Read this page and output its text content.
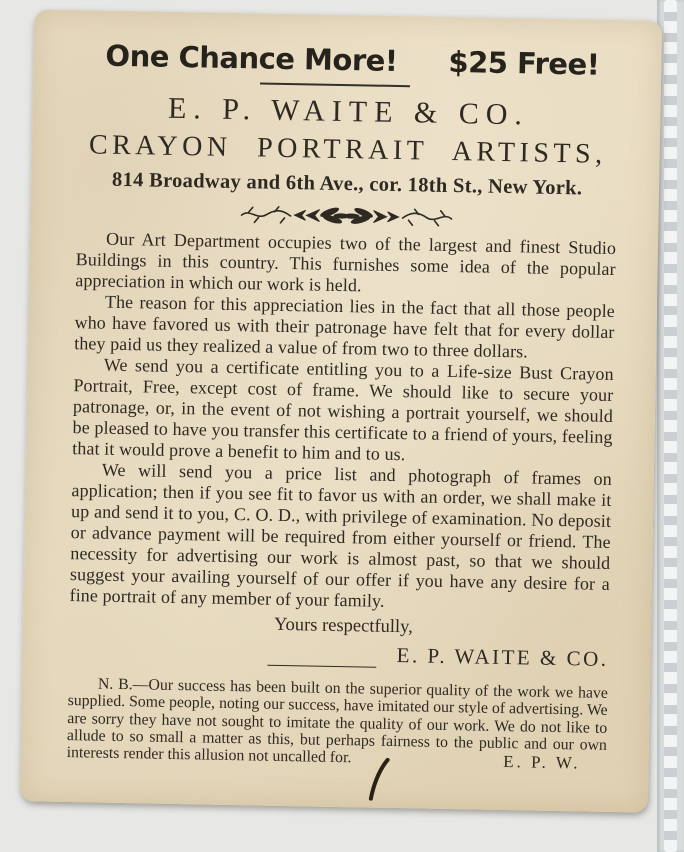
One Chance More! $25 Free!
E. P. WAITE & CO.
CRAYON PORTRAIT ARTISTS,
814 Broadway and 6th Ave., cor. 18th St., New York.

Our Art Department occupies two of the largest and finest Studio Buildings in this country. This furnishes some idea of the popular appreciation in which our work is held.

The reason for this appreciation lies in the fact that all those people who have favored us with their patronage have felt that for every dollar they paid us they realized a value of from two to three dollars.

We send you a certificate entitling you to a Life-size Bust Crayon Portrait, Free, except cost of frame. We should like to secure your patronage, or, in the event of not wishing a portrait yourself, we should be pleased to have you transfer this certificate to a friend of yours, feeling that it would prove a benefit to him and to us.

We will send you a price list and photograph of frames on application; then if you see fit to favor us with an order, we shall make it up and send it to you, C. O. D., with privilege of examination. No deposit or advance payment will be required from either yourself or friend. The necessity for advertising our work is almost past, so that we should suggest your availing yourself of our offer if you have any desire for a fine portrait of any member of your family.

Yours respectfully,
E. P. WAITE & CO.
N. B.—Our success has been built on the superior quality of the work we have supplied. Some people, noting our success, have imitated our style of advertising. We are sorry they have not sought to imitate the quality of our work. We do not like to allude to so small a matter as this, but perhaps fairness to the public and our own interests render this allusion not uncalled for.	E. P. W.
